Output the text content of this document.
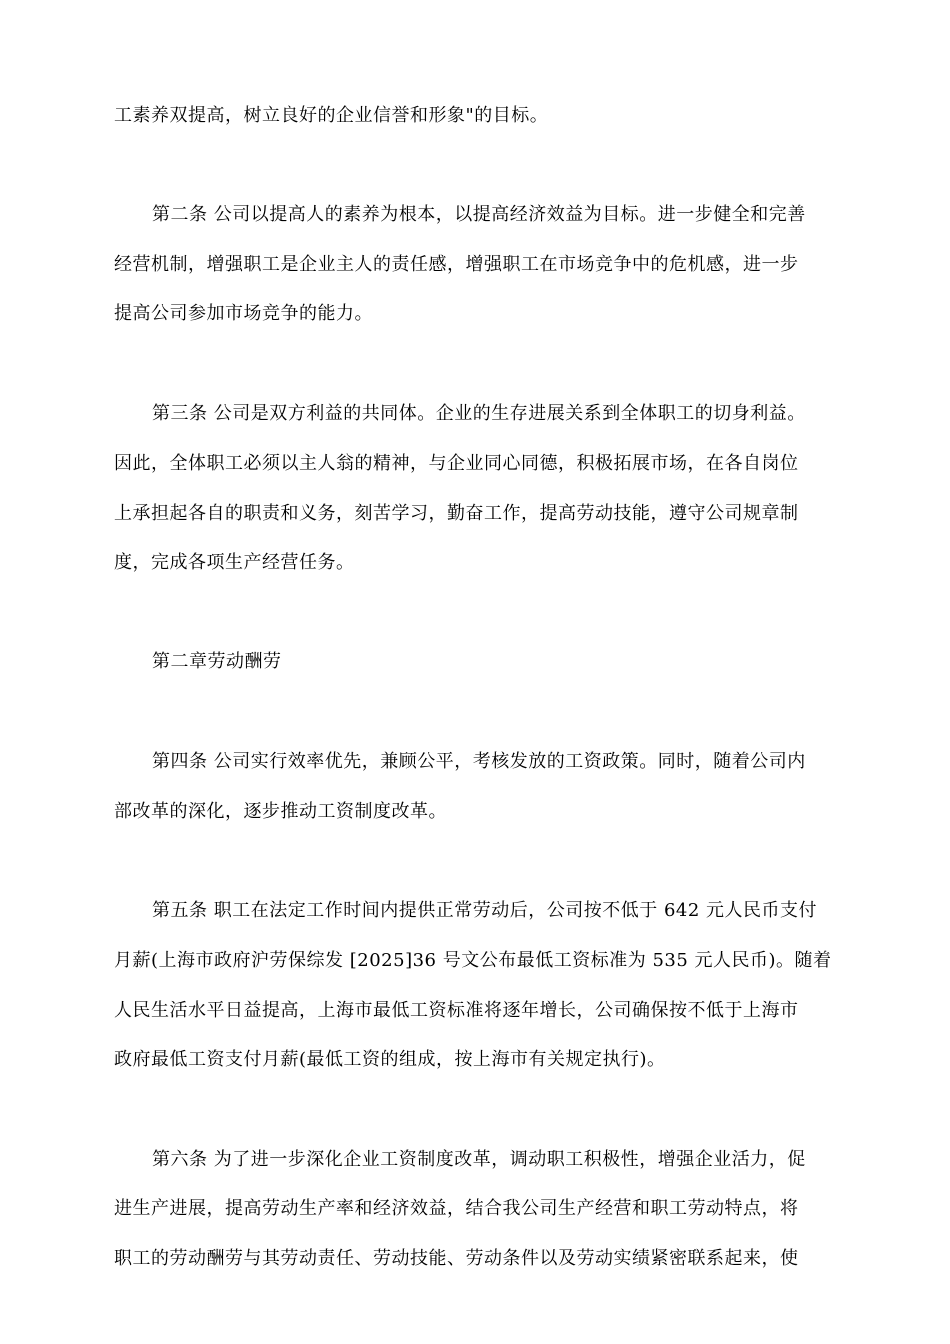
工素养双提高，树立良好的企业信誉和形象"的目标。
第二条 公司以提高人的素养为根本，以提高经济效益为目标。进一步健全和完善
经营机制，增强职工是企业主人的责任感，增强职工在市场竞争中的危机感，进一步
提高公司参加市场竞争的能力。
第三条 公司是双方利益的共同体。企业的生存进展关系到全体职工的切身利益。
因此，全体职工必须以主人翁的精神，与企业同心同德，积极拓展市场，在各自岗位
上承担起各自的职责和义务，刻苦学习，勤奋工作，提高劳动技能，遵守公司规章制
度，完成各项生产经营任务。
第二章劳动酬劳
第四条 公司实行效率优先，兼顾公平，考核发放的工资政策。同时，随着公司内
部改革的深化，逐步推动工资制度改革。
第五条 职工在法定工作时间内提供正常劳动后，公司按不低于 642 元人民币支付
月薪(上海市政府沪劳保综发 [2025]36 号文公布最低工资标准为 535 元人民币)。随着
人民生活水平日益提高，上海市最低工资标准将逐年增长，公司确保按不低于上海市
政府最低工资支付月薪(最低工资的组成，按上海市有关规定执行)。
第六条 为了进一步深化企业工资制度改革，调动职工积极性，增强企业活力，促
进生产进展，提高劳动生产率和经济效益，结合我公司生产经营和职工劳动特点，将
职工的劳动酬劳与其劳动责任、劳动技能、劳动条件以及劳动实绩紧密联系起来，使
